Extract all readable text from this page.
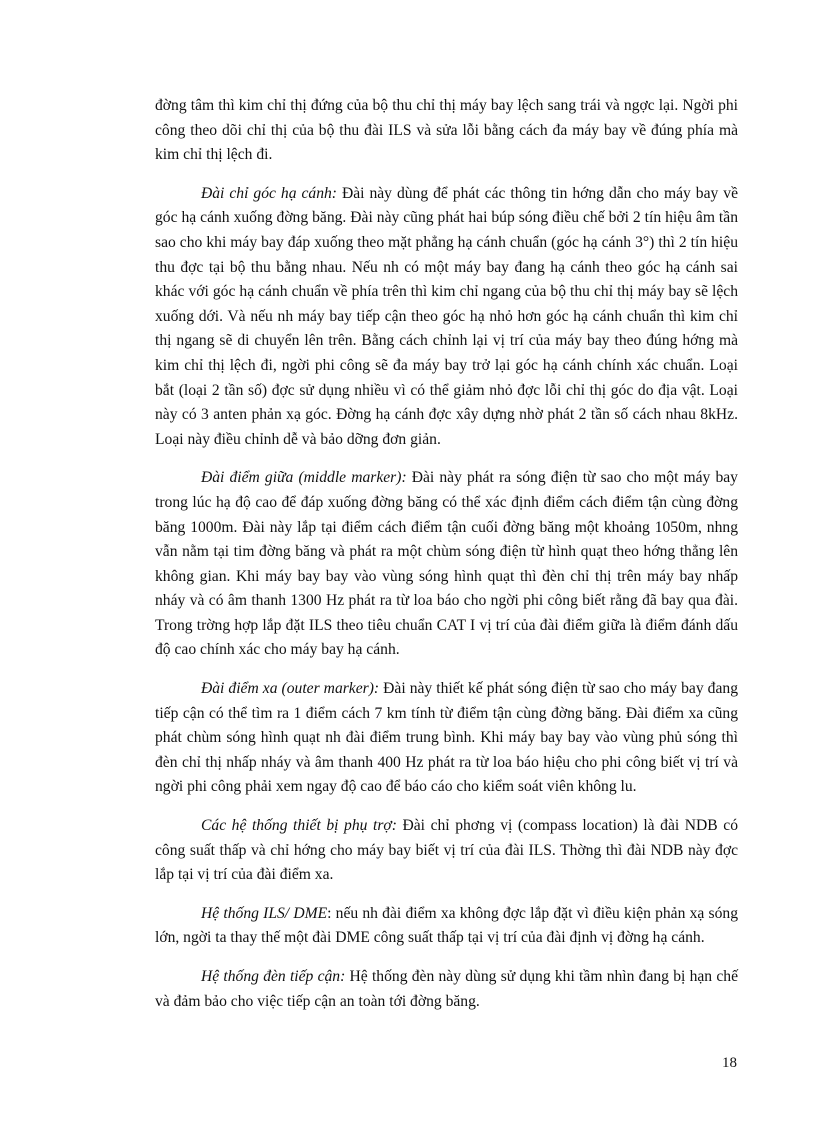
đờng tâm thì kim chỉ thị đứng của bộ thu chỉ thị máy bay lệch sang trái và ngợc lại. Ngời phi công theo dõi chỉ thị của bộ thu đài ILS và sửa lỗi bằng cách đa máy bay về đúng phía mà kim chỉ thị lệch đi.

Đài chỉ góc hạ cánh: Đài này dùng để phát các thông tin hớng dẫn cho máy bay về góc hạ cánh xuống đờng băng. Đài này cũng phát hai búp sóng điều chế bởi 2 tín hiệu âm tần sao cho khi máy bay đáp xuống theo mặt phẳng hạ cánh chuẩn (góc hạ cánh 3°) thì 2 tín hiệu thu đợc tại bộ thu bằng nhau. Nếu nh có một máy bay đang hạ cánh theo góc hạ cánh sai khác với góc hạ cánh chuẩn về phía trên thì kim chỉ ngang của bộ thu chỉ thị máy bay sẽ lệch xuống dới. Và nếu nh máy bay tiếp cận theo góc hạ nhỏ hơn góc hạ cánh chuẩn thì kim chỉ thị ngang sẽ di chuyển lên trên. Bằng cách chỉnh lại vị trí của máy bay theo đúng hớng mà kim chỉ thị lệch đi, ngời phi công sẽ đa máy bay trở lại góc hạ cánh chính xác chuẩn. Loại bắt (loại 2 tần số) đợc sử dụng nhiều vì có thể giảm nhỏ đợc lỗi chỉ thị góc do địa vật. Loại này có 3 anten phản xạ góc. Đờng hạ cánh đợc xây dựng nhờ phát 2 tần số cách nhau 8kHz. Loại này điều chỉnh dễ và bảo dỡng đơn giản.

Đài điểm giữa (middle marker): Đài này phát ra sóng điện từ sao cho một máy bay trong lúc hạ độ cao để đáp xuống đờng băng có thể xác định điểm cách điểm tận cùng đờng băng 1000m. Đài này lắp tại điểm cách điểm tận cuối đờng băng một khoảng 1050m, nhng vẫn nằm tại tim đờng băng và phát ra một chùm sóng điện từ hình quạt theo hớng thẳng lên không gian. Khi máy bay bay vào vùng sóng hình quạt thì đèn chỉ thị trên máy bay nhấp nháy và có âm thanh 1300 Hz phát ra từ loa báo cho ngời phi công biết rằng đã bay qua đài. Trong trờng hợp lắp đặt ILS theo tiêu chuẩn CAT I vị trí của đài điểm giữa là điểm đánh dấu độ cao chính xác cho máy bay hạ cánh.

Đài điểm xa (outer marker): Đài này thiết kế phát sóng điện từ sao cho máy bay đang tiếp cận có thể tìm ra 1 điểm cách 7 km tính từ điểm tận cùng đờng băng. Đài điểm xa cũng phát chùm sóng hình quạt nh đài điểm trung bình. Khi máy bay bay vào vùng phủ sóng thì đèn chỉ thị nhấp nháy và âm thanh 400 Hz phát ra từ loa báo hiệu cho phi công biết vị trí và ngời phi công phải xem ngay độ cao để báo cáo cho kiểm soát viên không lu.

Các hệ thống thiết bị phụ trợ: Đài chỉ phơng vị (compass location) là đài NDB có công suất thấp và chỉ hớng cho máy bay biết vị trí của đài ILS. Thờng thì đài NDB này đợc lắp tại vị trí của đài điểm xa.

Hệ thống ILS/ DME: nếu nh đài điểm xa không đợc lắp đặt vì điều kiện phản xạ sóng lớn, ngời ta thay thế một đài DME công suất thấp tại vị trí của đài định vị đờng hạ cánh.

Hệ thống đèn tiếp cận: Hệ thống đèn này dùng sử dụng khi tầm nhìn đang bị hạn chế và đảm bảo cho việc tiếp cận an toàn tới đờng băng.

18
